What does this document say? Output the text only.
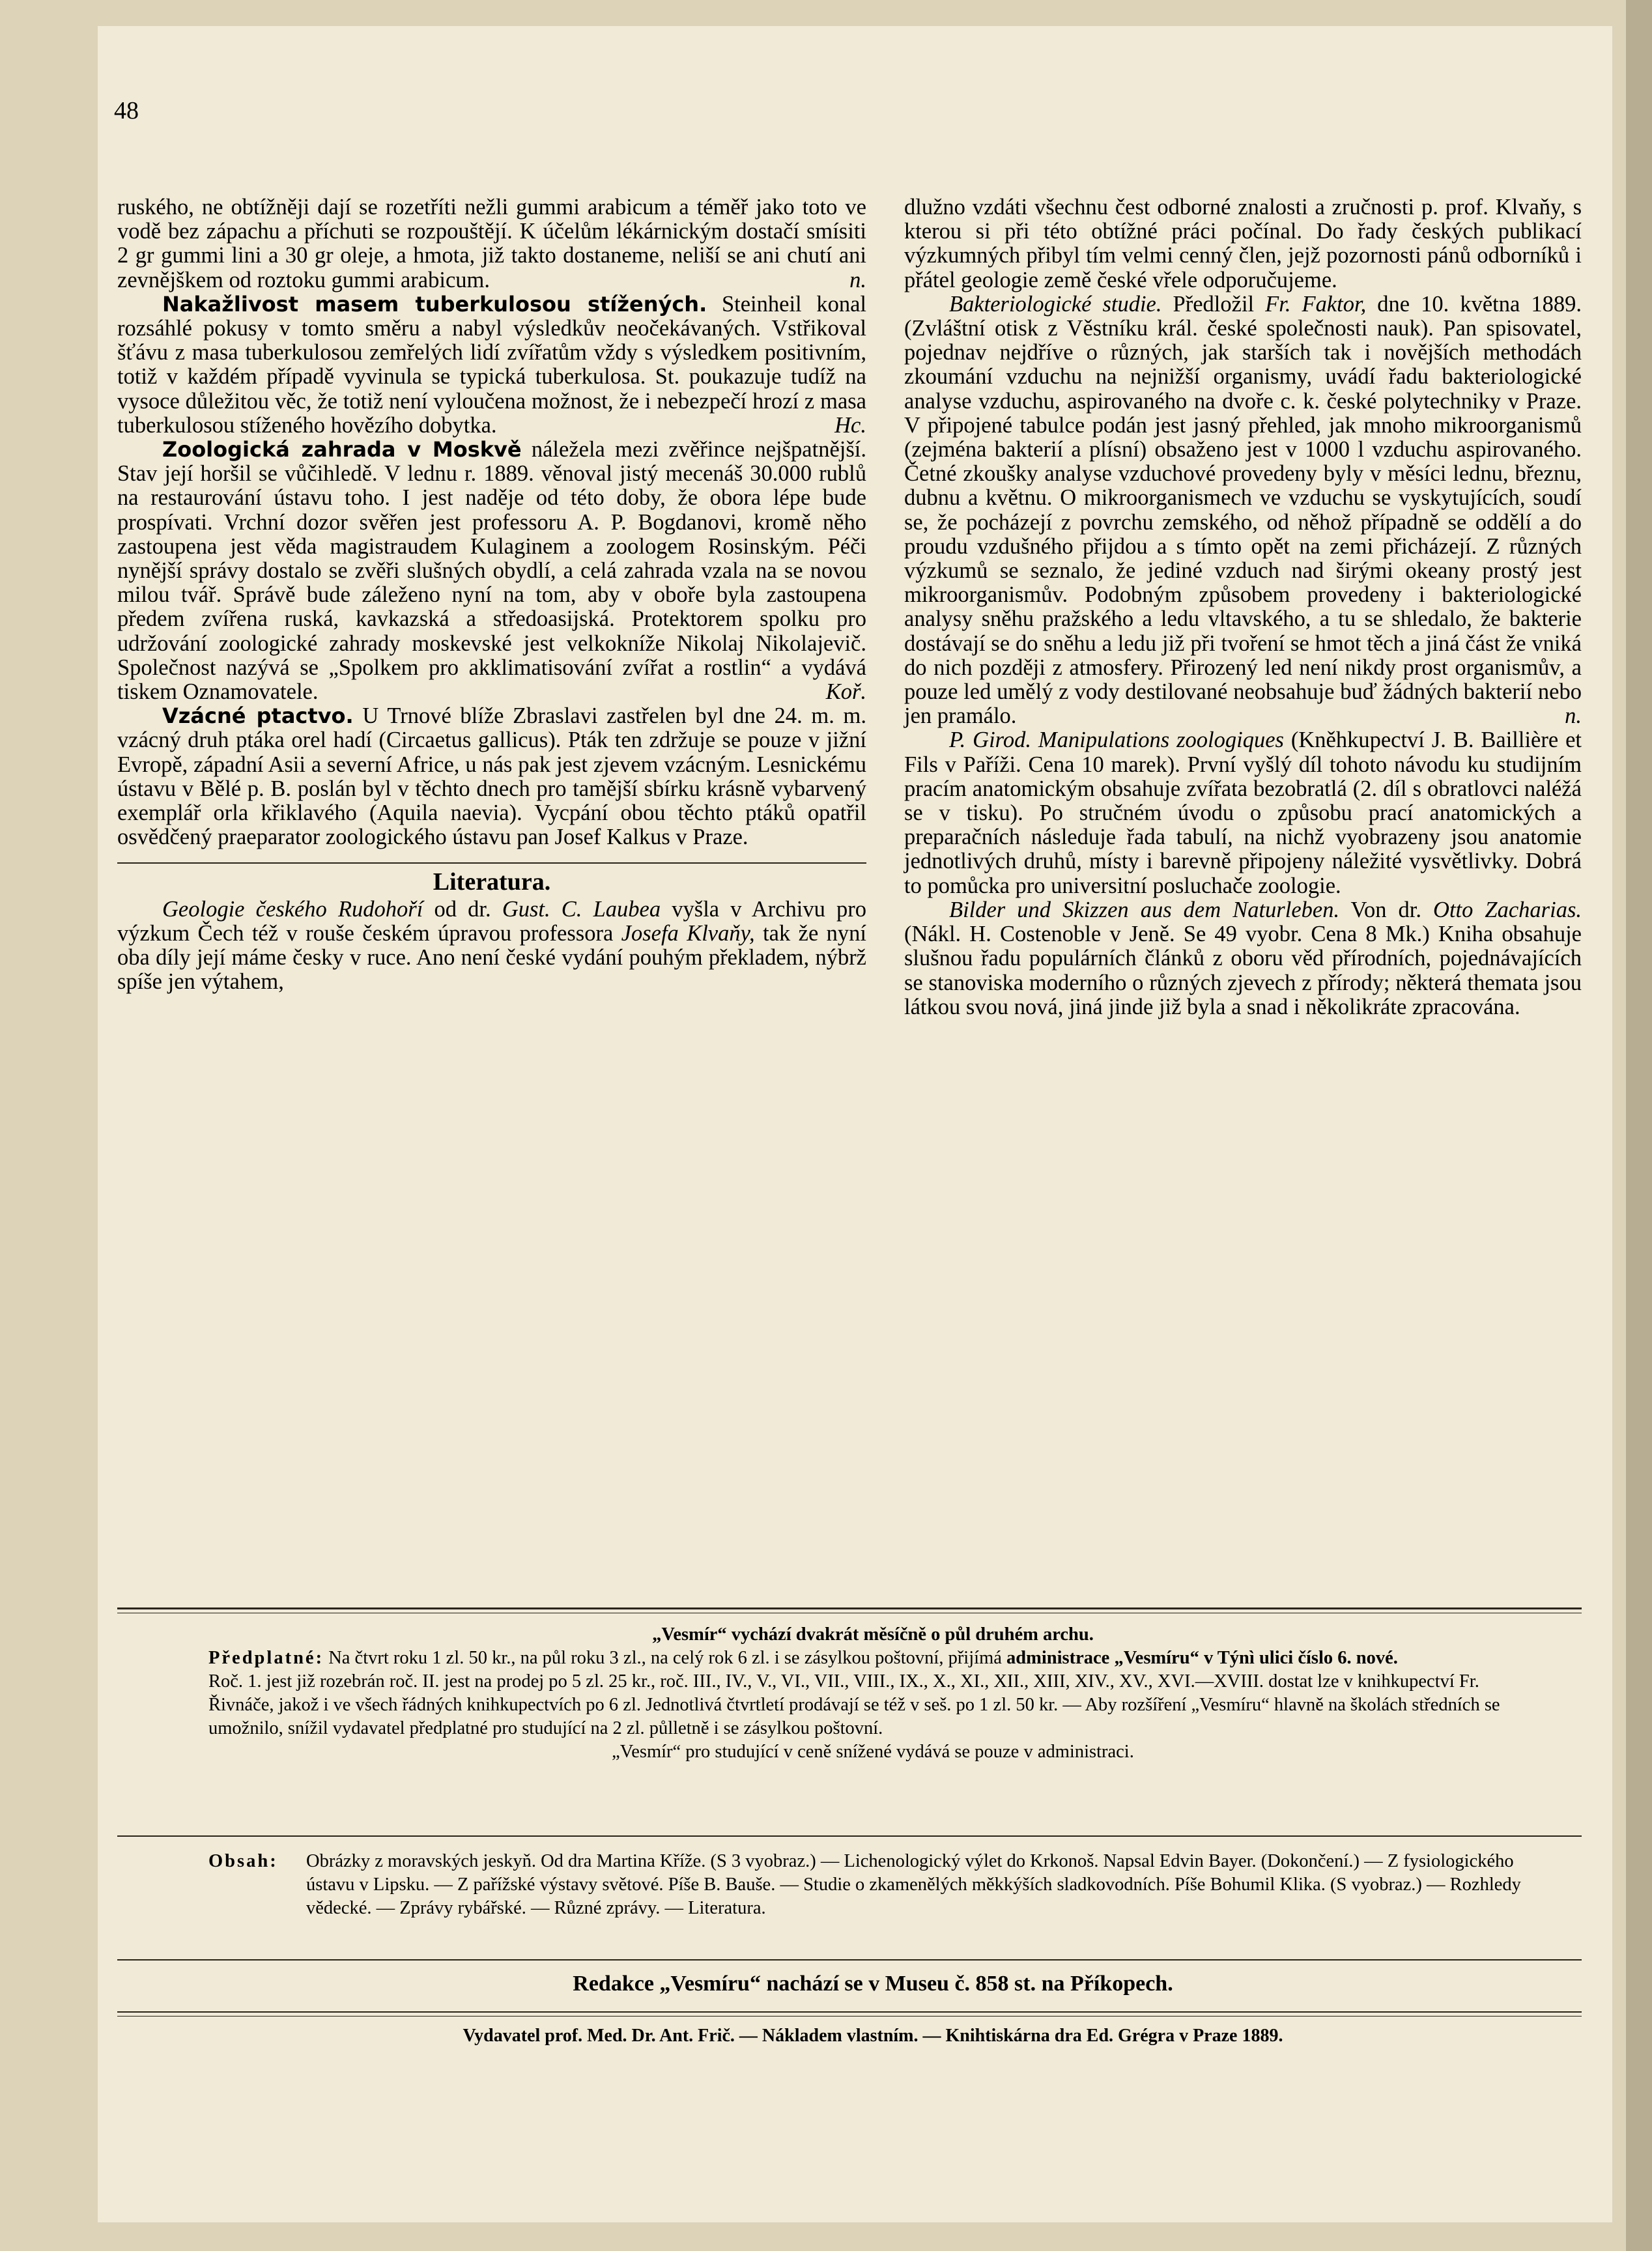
48

ruského, ne obtížněji dají se rozetříti nežli gummi arabicum a téměř jako toto ve vodě bez zápachu a příchuti se rozpouštějí. K účelům lékárnickým dostačí smísiti 2 gr gummi lini a 30 gr oleje, a hmota, již takto dostaneme, neliší se ani chutí ani zevnějškem od roztoku gummi arabicum.	n.

Nakažlivost masem tuberkulosou stížených. Steinheil konal rozsáhlé pokusy v tomto směru a nabyl výsledkův neočekávaných. Vstřikoval šťávu z masa tuberkulosou zemřelých lidí zvířatům vždy s výsledkem positivním, totiž v každém případě vyvinula se typická tuberkulosa. St. poukazuje tudíž na vysoce důležitou věc, že totiž není vyloučena možnost, že i nebezpečí hrozí z masa tuberkulosou stíženého hovězího dobytka.	Hc.

Zoologická zahrada v Moskvě náležela mezi zvěřince nejšpatnější. Stav její horšil se vůčihledě. V lednu r. 1889. věnoval jistý mecenáš 30.000 rublů na restaurování ústavu toho. I jest naděje od této doby, že obora lépe bude prospívati. Vrchní dozor svěřen jest professoru A. P. Bogdanovi, kromě něho zastoupena jest věda magistraudem Kulaginem a zoologem Rosinským. Péči nynější správy dostalo se zvěři slušných obydlí, a celá zahrada vzala na se novou milou tvář. Správě bude záleženo nyní na tom, aby v oboře byla zastoupena předem zvířena ruská, kavkazská a středoasijská. Protektorem spolku pro udržování zoologické zahrady moskevské jest velkokníže Nikolaj Nikolajevič. Společnost nazývá se „Spolkem pro akklimatisování zvířat a rostlin“ a vydává tiskem Oznamovatele.	Koř.

Vzácné ptactvo. U Trnové blíže Zbraslavi zastřelen byl dne 24. m. m. vzácný druh ptáka orel hadí (Circaetus gallicus). Pták ten zdržuje se pouze v jižní Evropě, západní Asii a severní Africe, u nás pak jest zjevem vzácným. Lesnickému ústavu v Bělé p. B. poslán byl v těchto dnech pro tamější sbírku krásně vybarvený exemplář orla křiklavého (Aquila naevia). Vycpání obou těchto ptáků opatřil osvědčený praeparator zoologického ústavu pan Josef Kalkus v Praze.

Literatura.

Geologie českého Rudohoří od dr. Gust. C. Laubea vyšla v Archivu pro výzkum Čech též v rouše českém úpravou professora Josefa Klvaňy, tak že nyní oba díly její máme česky v ruce. Ano není české vydání pouhým překladem, nýbrž spíše jen výtahem,

dlužno vzdáti všechnu čest odborné znalosti a zručnosti p. prof. Klvaňy, s kterou si při této obtížné práci počínal. Do řady českých publikací výzkumných přibyl tím velmi cenný člen, jejž pozornosti pánů odborníků i přátel geologie země české vřele odporučujeme.

Bakteriologické studie. Předložil Fr. Faktor, dne 10. května 1889. (Zvláštní otisk z Věstníku král. české společnosti nauk). Pan spisovatel, pojednav nejdříve o různých, jak starších tak i novějších methodách zkoumání vzduchu na nejnižší organismy, uvádí řadu bakteriologické analyse vzduchu, aspirovaného na dvoře c. k. české polytechniky v Praze. V připojené tabulce podán jest jasný přehled, jak mnoho mikroorganismů (zejména bakterií a plísní) obsaženo jest v 1000 l vzduchu aspirovaného. Četné zkoušky analyse vzduchové provedeny byly v měsíci lednu, březnu, dubnu a květnu. O mikroorganismech ve vzduchu se vyskytujících, soudí se, že pocházejí z povrchu zemského, od něhož případně se oddělí a do proudu vzdušného přijdou a s tímto opět na zemi přicházejí. Z různých výzkumů se seznalo, že jediné vzduch nad širými okeany prostý jest mikroorganismův. Podobným způsobem provedeny i bakteriologické analysy sněhu pražského a ledu vltavského, a tu se shledalo, že bakterie dostávají se do sněhu a ledu již při tvoření se hmot těch a jiná část že vniká do nich později z atmosfery. Přirozený led není nikdy prost organismův, a pouze led umělý z vody destilované neobsahuje buď žádných bakterií nebo jen pramálo.	n.

P. Girod. Manipulations zoologiques (Kněhkupectví J. B. Baillière et Fils v Paříži. Cena 10 marek). První vyšlý díl tohoto návodu ku studijním pracím anatomickým obsahuje zvířata bezobratlá (2. díl s obratlovci naléžá se v tisku). Po stručném úvodu o způsobu prací anatomických a preparačních následuje řada tabulí, na nichž vyobrazeny jsou anatomie jednotlivých druhů, místy i barevně připojeny náležité vysvětlivky. Dobrá to pomůcka pro universitní posluchače zoologie.

Bilder und Skizzen aus dem Naturleben. Von dr. Otto Zacharias. (Nákl. H. Costenoble v Jeně. Se 49 vyobr. Cena 8 Mk.) Kniha obsahuje slušnou řadu populárních článků z oboru věd přírodních, pojednávajících se stanoviska moderního o různých zjevech z přírody; některá themata jsou látkou svou nová, jiná jinde již byla a snad i několikráte zpracována.

„Vesmír“ vychází dvakrát měsíčně o půl druhém archu.
Předplatné: Na čtvrt roku 1 zl. 50 kr., na půl roku 3 zl., na celý rok 6 zl. i se zásylkou poštovní, přijímá administrace „Vesmíru“ v Týnì ulici číslo 6. nové.
Roč. 1. jest již rozebrán roč. II. jest na prodej po 5 zl. 25 kr., roč. III., IV., V., VI., VII., VIII., IX., X., XI., XII., XIII, XIV., XV., XVI.—XVIII. dostat lze v knihkupectví Fr. Řivnáče, jakož i ve všech řádných knihkupectvích po 6 zl. Jednotlivá čtvrtletí prodávají se též v seš. po 1 zl. 50 kr. — Aby rozšíření „Vesmíru“ hlavně na školách středních se umožnilo, snížil vydavatel předplatné pro studující na 2 zl. půlletně i se zásylkou poštovní.
„Vesmír“ pro studující v ceně snížené vydává se pouze v administraci.
Obsah:	Obrázky z moravských jeskyň. Od dra Martina Kříže. (S 3 vyobraz.) — Lichenologický výlet do Krkonoš. Napsal Edvin Bayer. (Dokončení.) — Z fysiologického ústavu v Lipsku. — Z pařížské výstavy světové. Píše B. Bauše. — Studie o zkamenělých měkkýších sladkovodních. Píše Bohumil Klika. (S vyobraz.) — Rozhledy vědecké. — Zprávy rybářské. — Různé zprávy. — Literatura.
Redakce „Vesmíru“ nachází se v Museu č. 858 st. na Příkopech.
Vydavatel prof. Med. Dr. Ant. Frič. — Nákladem vlastním. — Knihtiskárna dra Ed. Grégra v Praze 1889.
